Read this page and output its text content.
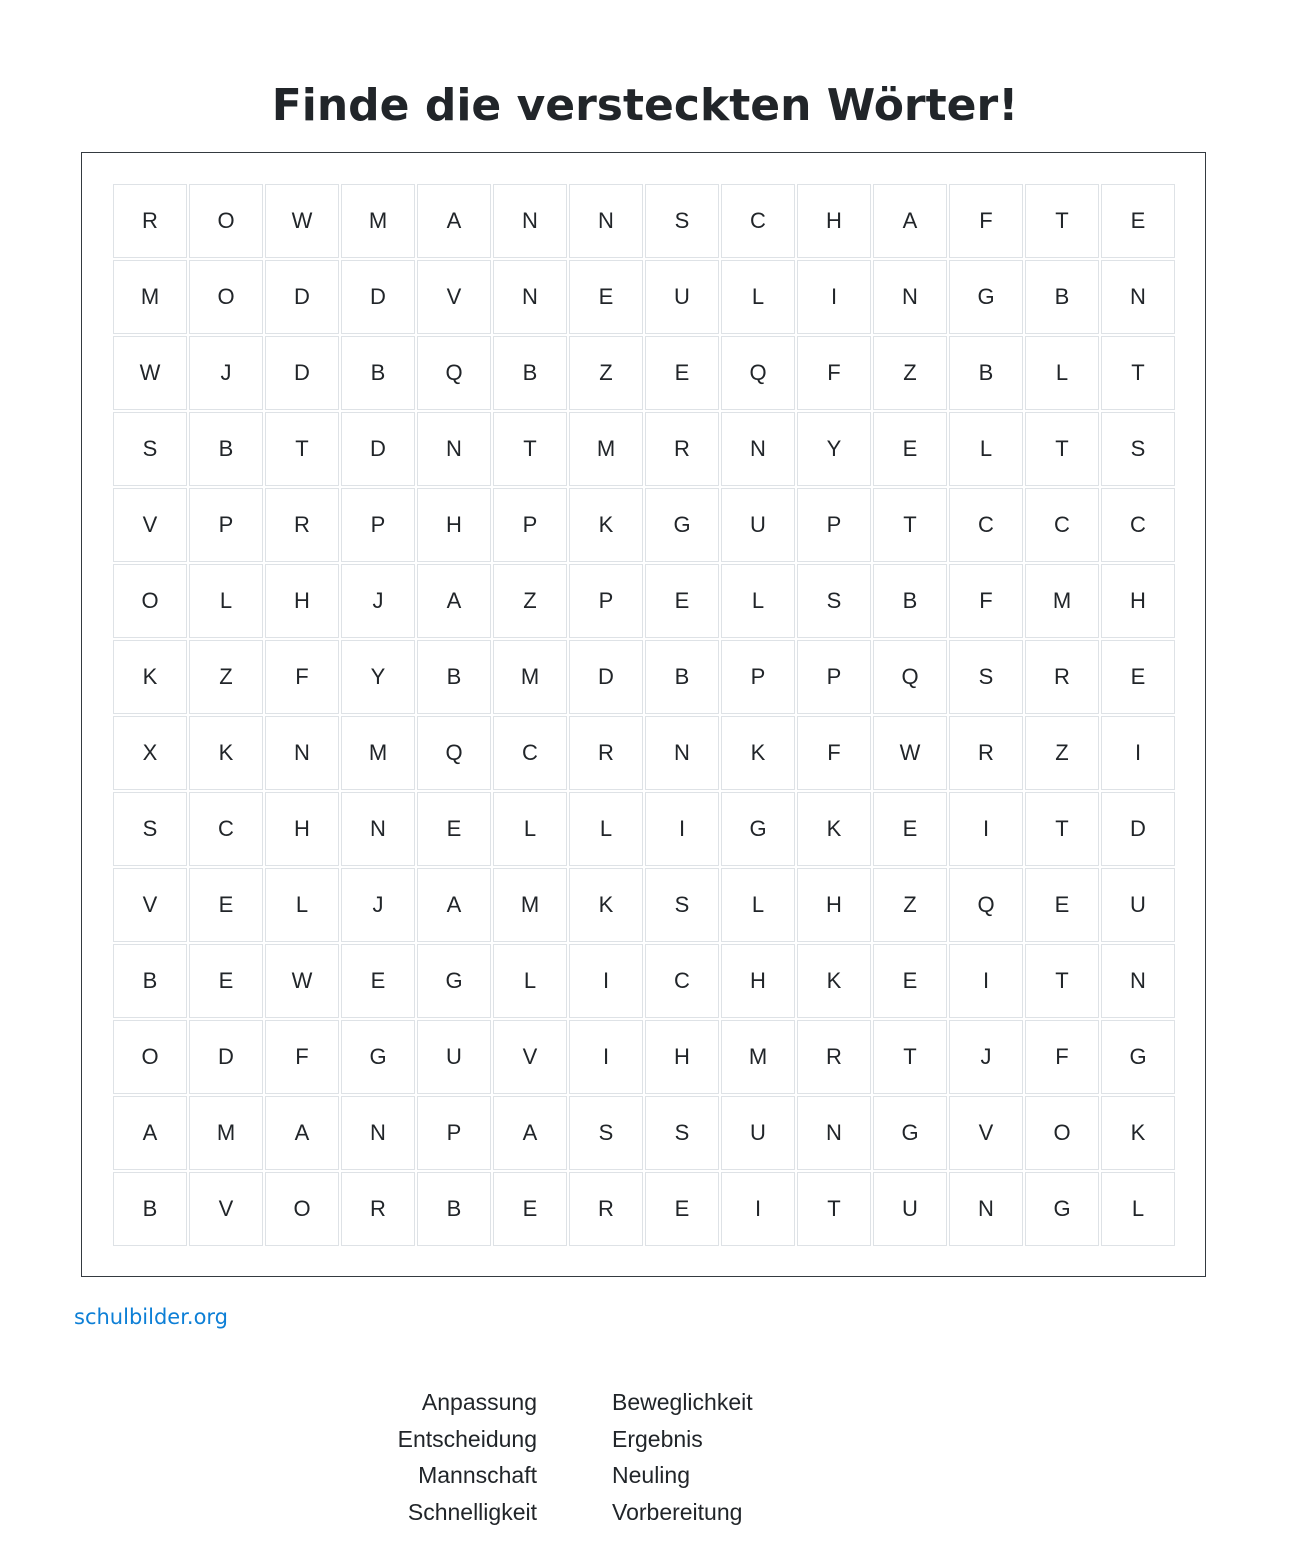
Finde die versteckten Wörter!
R	O	W	M	A	N	N	S	C	H	A	F	T	E
M	O	D	D	V	N	E	U	L	I	N	G	B	N
W	J	D	B	Q	B	Z	E	Q	F	Z	B	L	T
S	B	T	D	N	T	M	R	N	Y	E	L	T	S
V	P	R	P	H	P	K	G	U	P	T	C	C	C
O	L	H	J	A	Z	P	E	L	S	B	F	M	H
K	Z	F	Y	B	M	D	B	P	P	Q	S	R	E
X	K	N	M	Q	C	R	N	K	F	W	R	Z	I
S	C	H	N	E	L	L	I	G	K	E	I	T	D
V	E	L	J	A	M	K	S	L	H	Z	Q	E	U
B	E	W	E	G	L	I	C	H	K	E	I	T	N
O	D	F	G	U	V	I	H	M	R	T	J	F	G
A	M	A	N	P	A	S	S	U	N	G	V	O	K
B	V	O	R	B	E	R	E	I	T	U	N	G	L
schulbilder.org
Anpassung
Entscheidung
Mannschaft
Schnelligkeit
Beweglichkeit
Ergebnis
Neuling
Vorbereitung
